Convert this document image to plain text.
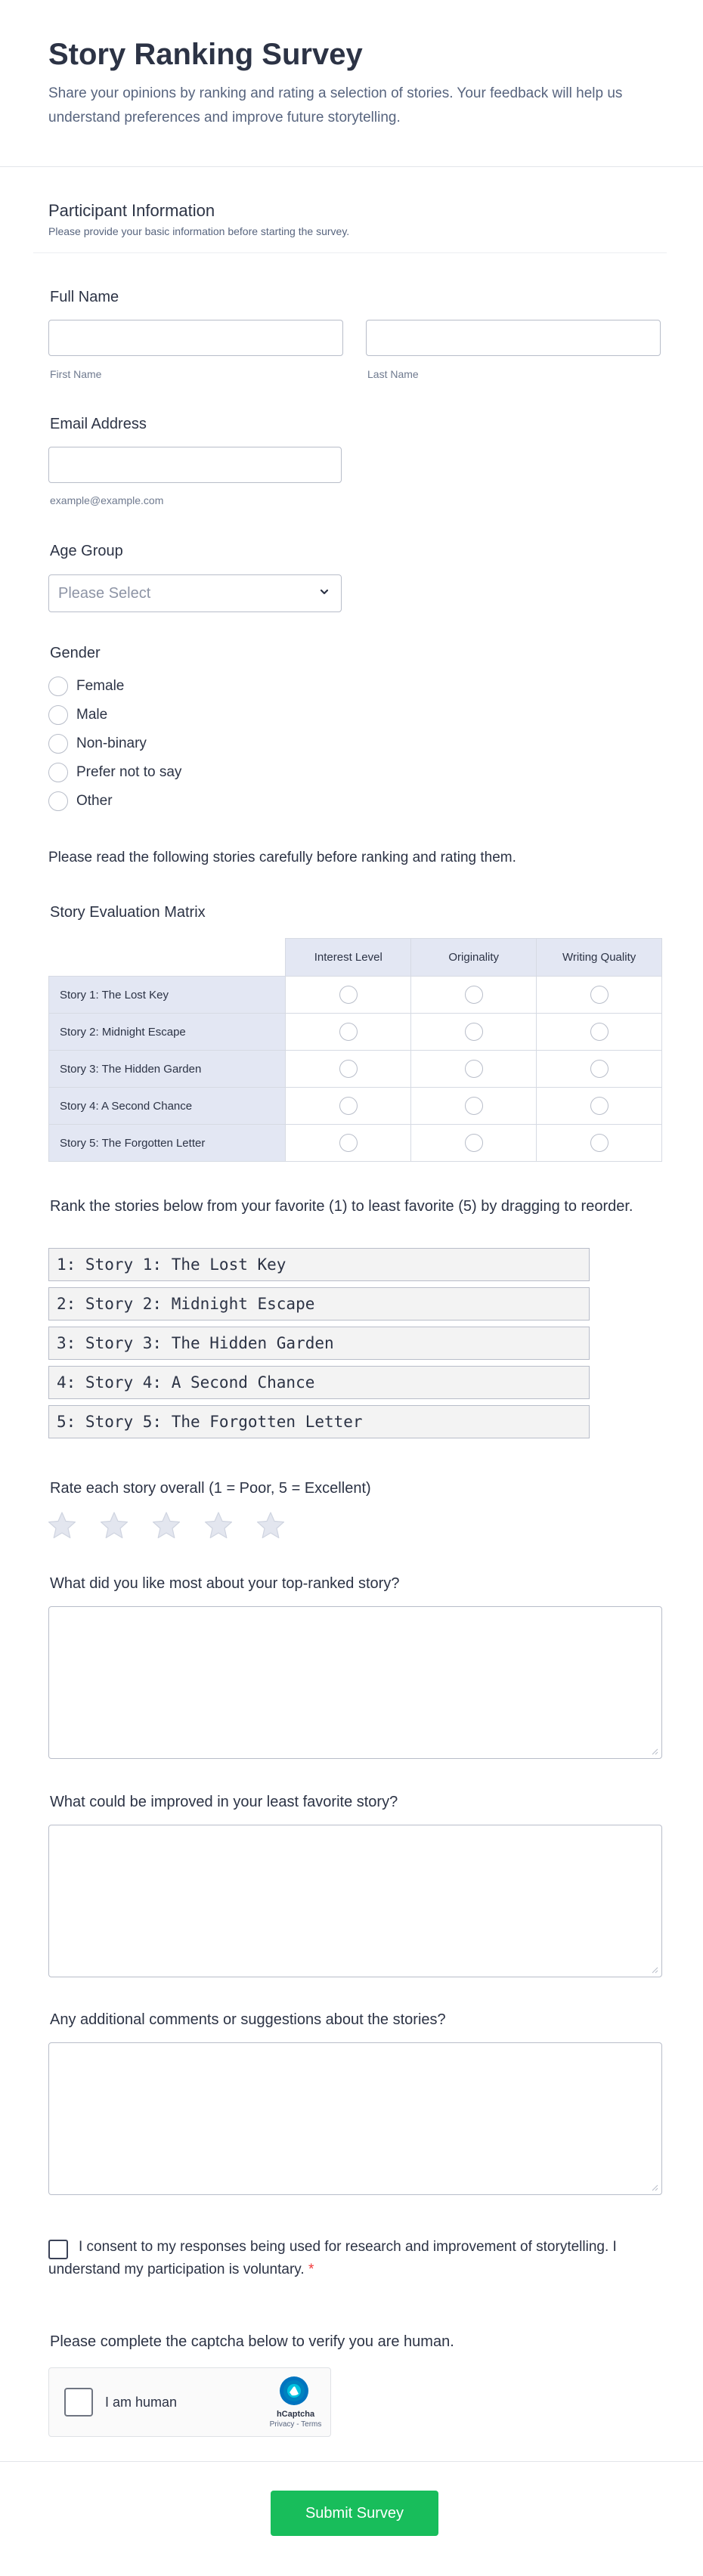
Story Ranking Survey
Share your opinions by ranking and rating a selection of stories. Your feedback will help us understand preferences and improve future storytelling.
Participant Information
Please provide your basic information before starting the survey.
Full Name
First Name	Last Name
Email Address
example@example.com
Age Group
Please Select
Gender
Female
Male
Non-binary
Prefer not to say
Other
Please read the following stories carefully before ranking and rating them.
Story Evaluation Matrix
	Interest Level	Originality	Writing Quality
Story 1: The Lost Key			
Story 2: Midnight Escape			
Story 3: The Hidden Garden			
Story 4: A Second Chance			
Story 5: The Forgotten Letter			
Rank the stories below from your favorite (1) to least favorite (5) by dragging to reorder.
1: Story 1: The Lost Key
2: Story 2: Midnight Escape
3: Story 3: The Hidden Garden
4: Story 4: A Second Chance
5: Story 5: The Forgotten Letter
Rate each story overall (1 = Poor, 5 = Excellent)
What did you like most about your top-ranked story?
What could be improved in your least favorite story?
Any additional comments or suggestions about the stories?
I consent to my responses being used for research and improvement of storytelling. I understand my participation is voluntary. *
Please complete the captcha below to verify you are human.
I am human
hCaptcha
Privacy - Terms
Submit Survey
